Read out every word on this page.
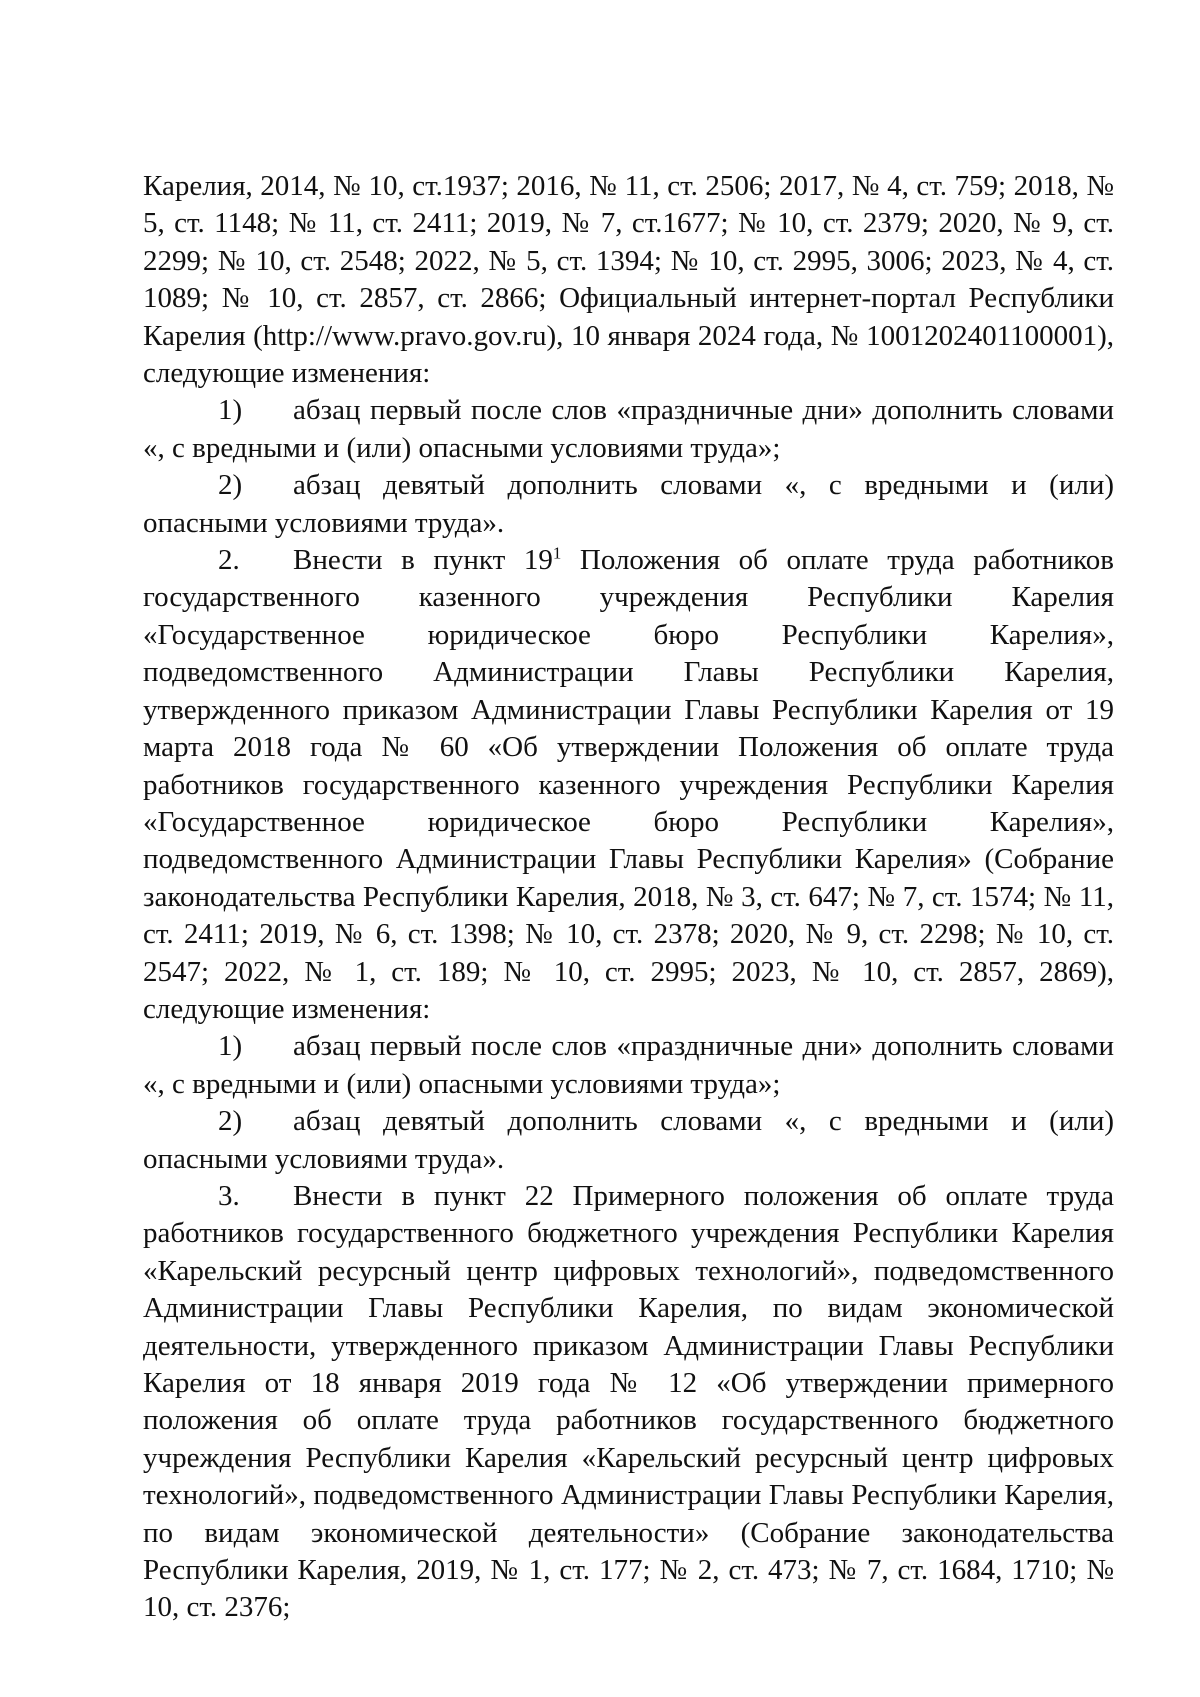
Карелия, 2014, № 10, ст.1937; 2016, № 11, ст. 2506; 2017, № 4, ст. 759; 2018, № 5, ст. 1148; № 11, ст. 2411; 2019, № 7, ст.1677; № 10, ст. 2379; 2020, № 9, ст. 2299; № 10, ст. 2548; 2022, № 5, ст. 1394; № 10, ст. 2995, 3006; 2023, № 4, ст. 1089; № 10, ст. 2857, ст. 2866; Официальный интернет-портал Республики Карелия (http://www.pravo.gov.ru), 10 января 2024 года, № 1001202401100001), следующие изменения:

1) абзац первый после слов «праздничные дни» дополнить словами «, с вредными и (или) опасными условиями труда»;

2) абзац девятый дополнить словами «, с вредными и (или) опасными условиями труда».

2. Внести в пункт $19^1$ Положения об оплате труда работников государственного казенного учреждения Республики Карелия «Государственное юридическое бюро Республики Карелия», подведомственного Администрации Главы Республики Карелия, утвержденного приказом Администрации Главы Республики Карелия от 19 марта 2018 года № 60 «Об утверждении Положения об оплате труда работников государственного казенного учреждения Республики Карелия «Государственное юридическое бюро Республики Карелия», подведомственного Администрации Главы Республики Карелия» (Собрание законодательства Республики Карелия, 2018, № 3, ст. 647; № 7, ст. 1574; № 11, ст. 2411; 2019, № 6, ст. 1398; № 10, ст. 2378; 2020, № 9, ст. 2298; № 10, ст. 2547; 2022, № 1, ст. 189; № 10, ст. 2995; 2023, № 10, ст. 2857, 2869), следующие изменения:

1) абзац первый после слов «праздничные дни» дополнить словами «, с вредными и (или) опасными условиями труда»;

2) абзац девятый дополнить словами «, с вредными и (или) опасными условиями труда».

3. Внести в пункт 22 Примерного положения об оплате труда работников государственного бюджетного учреждения Республики Карелия «Карельский ресурсный центр цифровых технологий», подведомственного Администрации Главы Республики Карелия, по видам экономической деятельности, утвержденного приказом Администрации Главы Республики Карелия от 18 января 2019 года № 12 «Об утверждении примерного положения об оплате труда работников государственного бюджетного учреждения Республики Карелия «Карельский ресурсный центр цифровых технологий», подведомственного Администрации Главы Республики Карелия, по видам экономической деятельности» (Собрание законодательства Республики Карелия, 2019, № 1, ст. 177; № 2, ст. 473; № 7, ст. 1684, 1710; № 10, ст. 2376;
